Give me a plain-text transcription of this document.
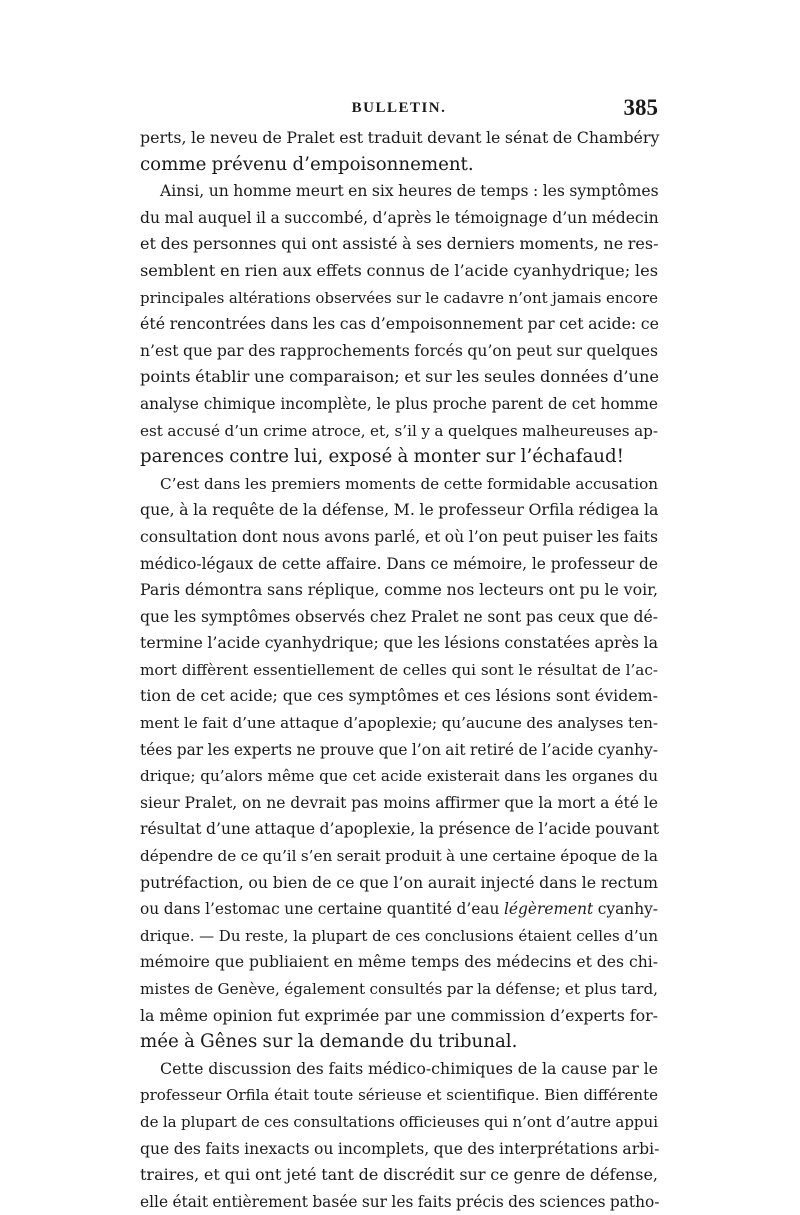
BULLETIN.	385
perts, le neveu de Pralet est traduit devant le sénat de Chambéry
comme prévenu d’empoisonnement.
Ainsi, un homme meurt en six heures de temps : les symptômes
du mal auquel il a succombé, d’après le témoignage d’un médecin
et des personnes qui ont assisté à ses derniers moments, ne res-
semblent en rien aux effets connus de l’acide cyanhydrique; les
principales altérations observées sur le cadavre n’ont jamais encore
été rencontrées dans les cas d’empoisonnement par cet acide: ce
n’est que par des rapprochements forcés qu’on peut sur quelques
points établir une comparaison; et sur les seules données d’une
analyse chimique incomplète, le plus proche parent de cet homme
est accusé d’un crime atroce, et, s’il y a quelques malheureuses ap-
parences contre lui, exposé à monter sur l’échafaud!
C’est dans les premiers moments de cette formidable accusation
que, à la requête de la défense, M. le professeur Orfila rédigea la
consultation dont nous avons parlé, et où l’on peut puiser les faits
médico-légaux de cette affaire. Dans ce mémoire, le professeur de
Paris démontra sans réplique, comme nos lecteurs ont pu le voir,
que les symptômes observés chez Pralet ne sont pas ceux que dé-
termine l’acide cyanhydrique; que les lésions constatées après la
mort diffèrent essentiellement de celles qui sont le résultat de l’ac-
tion de cet acide; que ces symptômes et ces lésions sont évidem-
ment le fait d’une attaque d’apoplexie; qu’aucune des analyses ten-
tées par les experts ne prouve que l’on ait retiré de l’acide cyanhy-
drique; qu’alors même que cet acide existerait dans les organes du
sieur Pralet, on ne devrait pas moins affirmer que la mort a été le
résultat d’une attaque d’apoplexie, la présence de l’acide pouvant
dépendre de ce qu’il s’en serait produit à une certaine époque de la
putréfaction, ou bien de ce que l’on aurait injecté dans le rectum
ou dans l’estomac une certaine quantité d’eau légèrement cyanhy-
drique. — Du reste, la plupart de ces conclusions étaient celles d’un
mémoire que publiaient en même temps des médecins et des chi-
mistes de Genève, également consultés par la défense; et plus tard,
la même opinion fut exprimée par une commission d’experts for-
mée à Gênes sur la demande du tribunal.
Cette discussion des faits médico-chimiques de la cause par le
professeur Orfila était toute sérieuse et scientifique. Bien différente
de la plupart de ces consultations officieuses qui n’ont d’autre appui
que des faits inexacts ou incomplets, que des interprétations arbi-
traires, et qui ont jeté tant de discrédit sur ce genre de défense,
elle était entièrement basée sur les faits précis des sciences patho-
